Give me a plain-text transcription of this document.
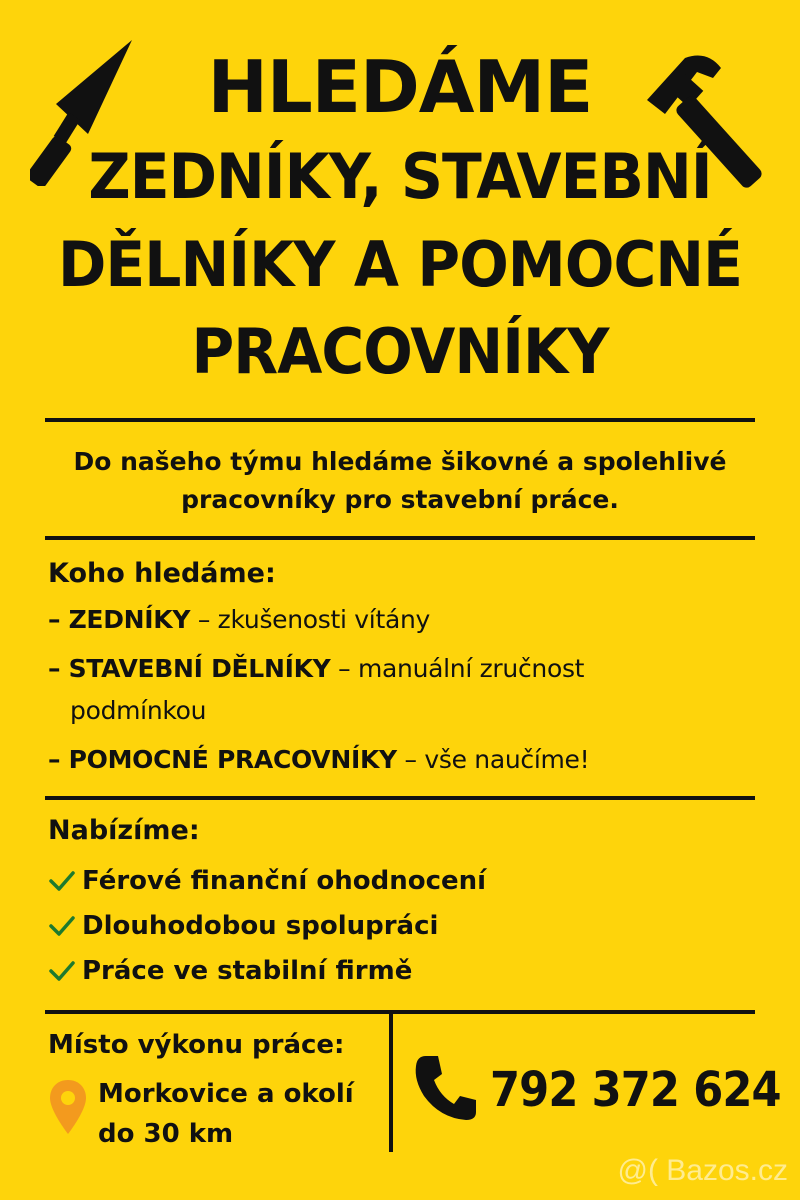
HLEDÁME
ZEDNÍKY, STAVEBNÍ
DĚLNÍKY A POMOCNÉ
PRACOVNÍKY
Do našeho týmu hledáme šikovné a spolehlivé
pracovníky pro stavební práce.
Koho hledáme:
– ZEDNÍKY – zkušenosti vítány
– STAVEBNÍ DĚLNÍKY – manuální zručnost
podmínkou
– POMOCNÉ PRACOVNÍKY – vše naučíme!
Nabízíme:
Férové finanční ohodnocení
Dlouhodobou spolupráci
Práce ve stabilní firmě
Místo výkonu práce:
Morkovice a okolí
do 30 km
792 372 624
@( Bazos.cz
